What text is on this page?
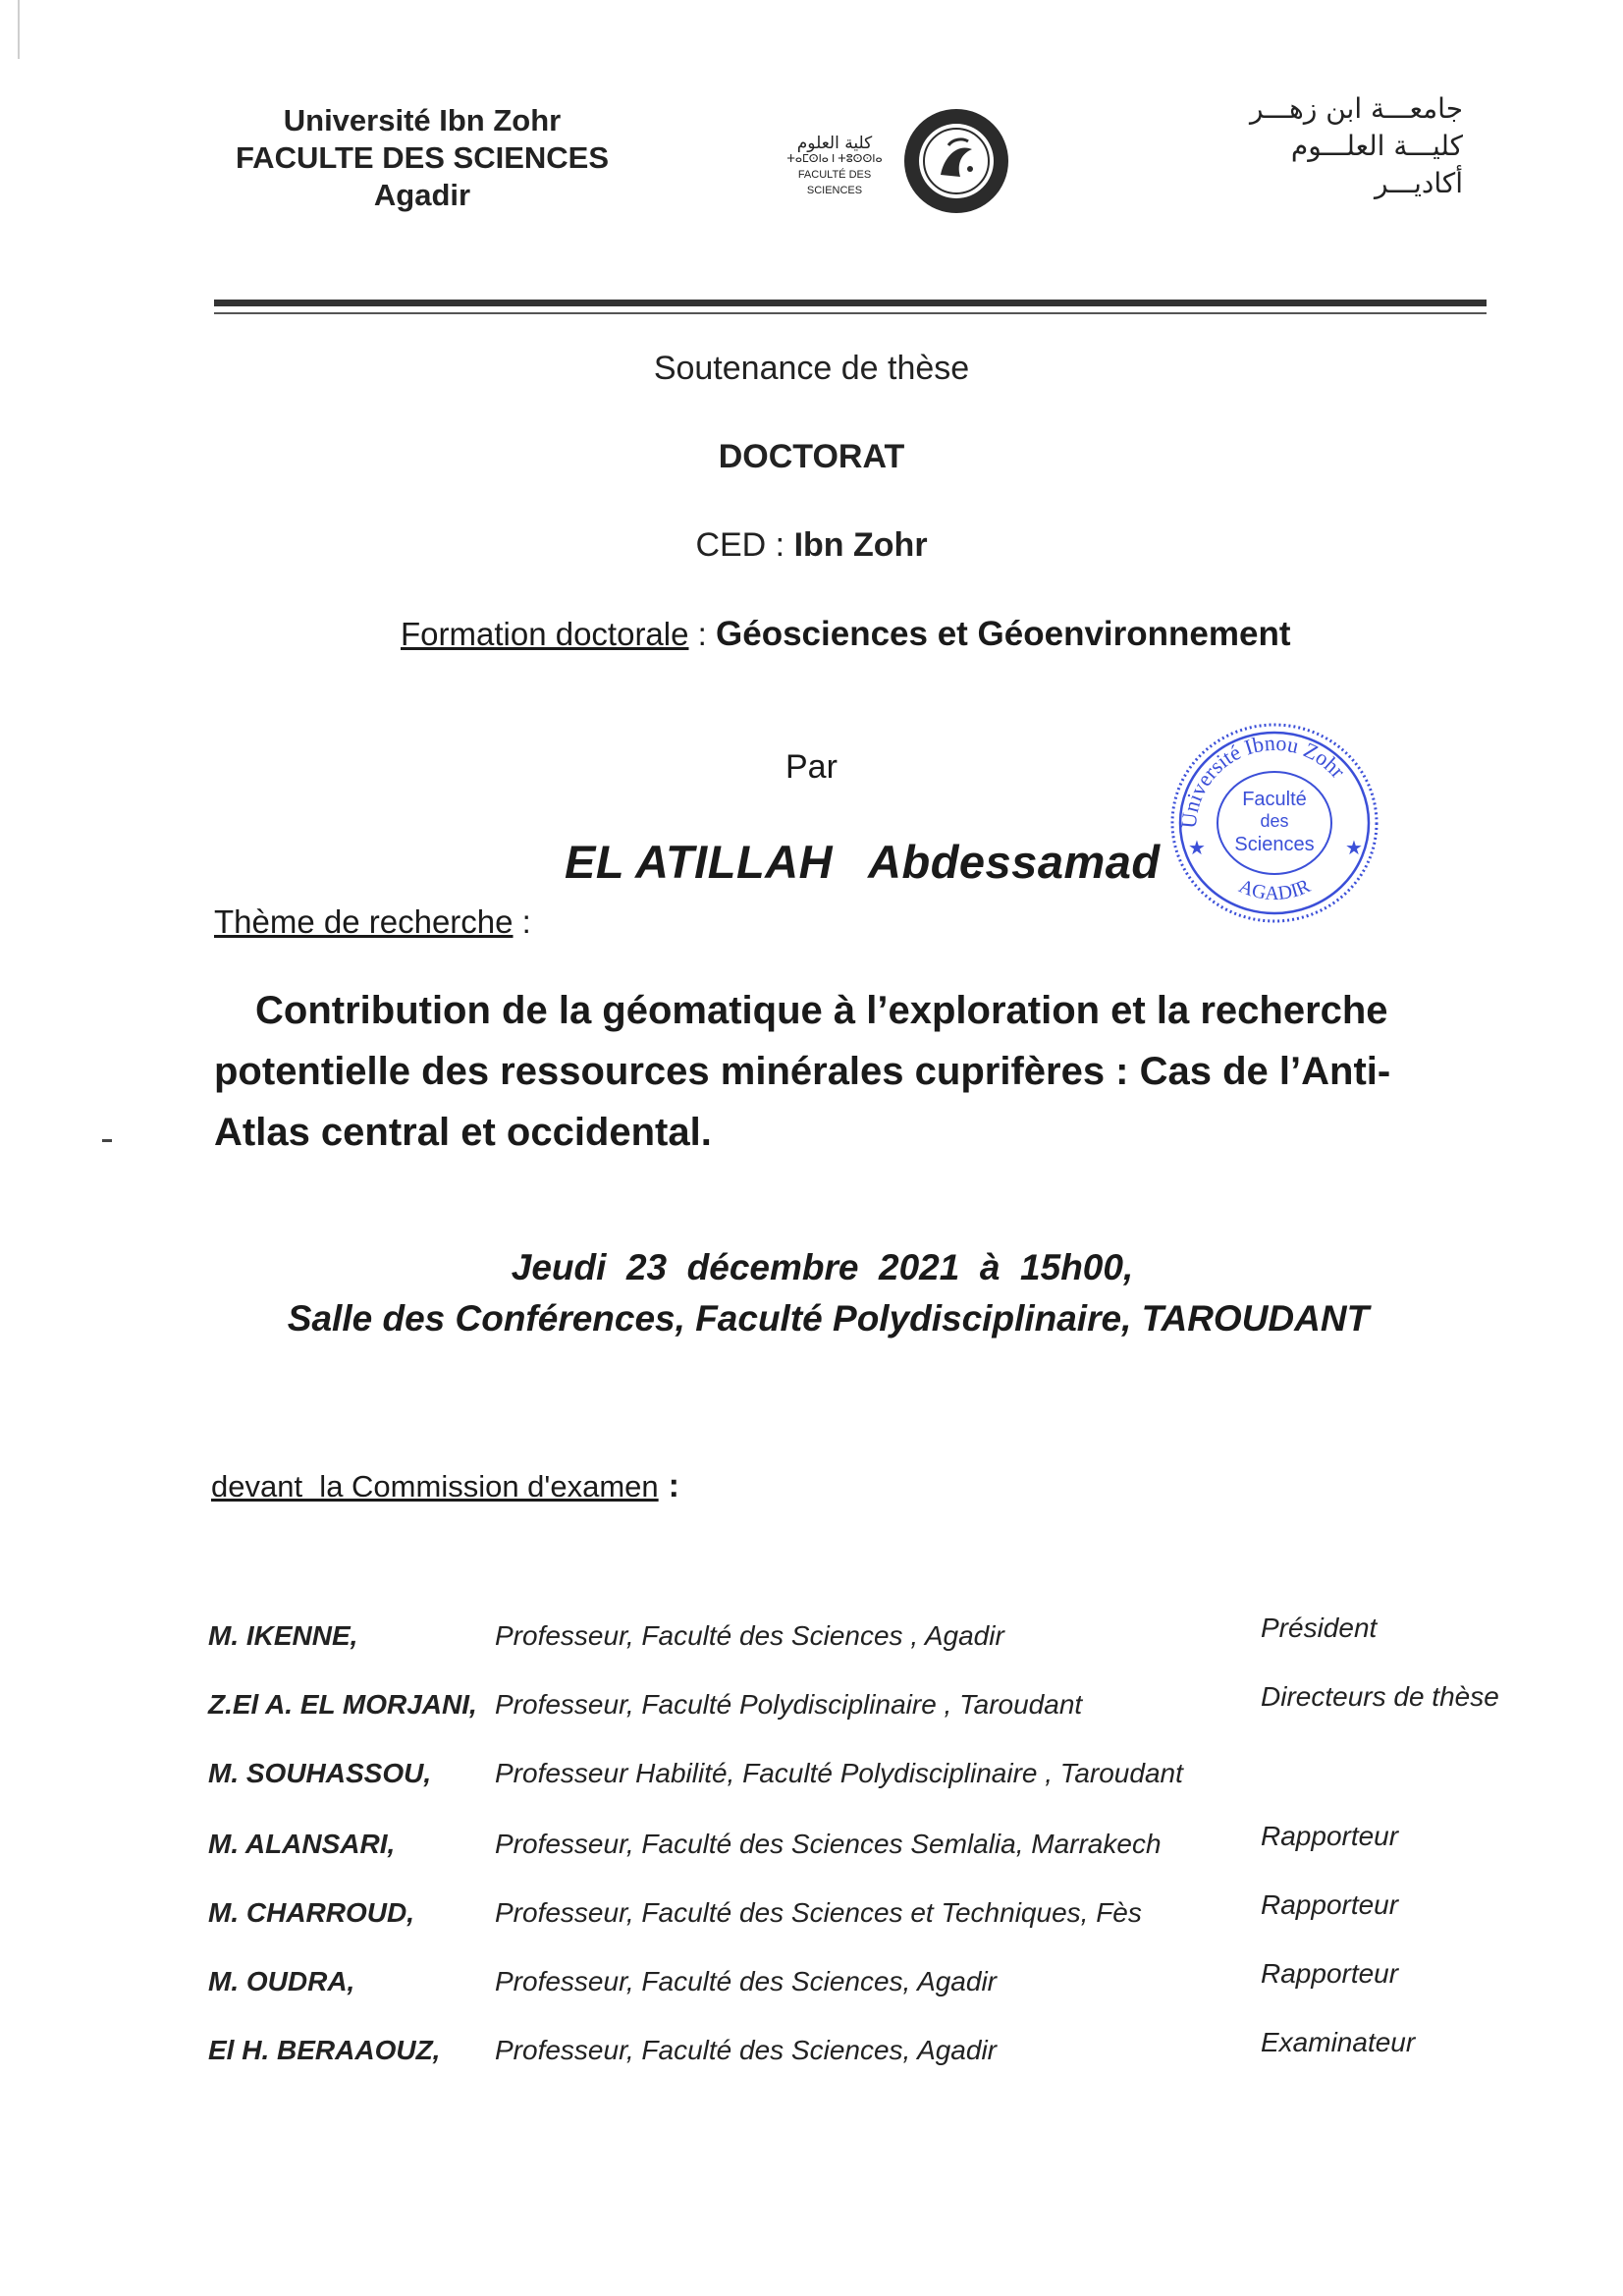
Université Ibn Zohr
FACULTE DES SCIENCES
Agadir
كلية العلوم
ⵜⴰⵎⵙⵏⴰ ⵏ ⵜⵓⵙⵙⵏⴰ
FACULTÉ DES SCIENCES
جامعـــة ابن زهـــر
كليـــة العلـــوم
أكاديـــر
Soutenance de thèse
DOCTORAT
CED : Ibn Zohr
Formation doctorale : Géosciences et Géoenvironnement
Par
EL ATILLAH Abdessamad
Thème de recherche :
Université Ibnou Zohr
Faculté
des
Sciences
AGADIR
★	★
Contribution de la géomatique à l’exploration et la recherche
potentielle des ressources minérales cuprifères : Cas de l’Anti-
Atlas central et occidental.
Jeudi  23  décembre  2021  à  15h00,
Salle des Conférences, Faculté Polydisciplinaire, TAROUDANT
devant  la Commission d'examen :
M. IKENNE,	Professeur, Faculté des Sciences , Agadir	Président
Z.El A. EL MORJANI, Professeur, Faculté Polydisciplinaire , Taroudant	Directeurs de thèse
M. SOUHASSOU, Professeur Habilité, Faculté Polydisciplinaire , Taroudant
M. ALANSARI,	Professeur, Faculté des Sciences Semlalia, Marrakech	Rapporteur
M. CHARROUD,	Professeur, Faculté des Sciences et Techniques, Fès	Rapporteur
M. OUDRA,	Professeur, Faculté des Sciences, Agadir	Rapporteur
El H. BERAAOUZ, Professeur, Faculté des Sciences, Agadir	Examinateur
